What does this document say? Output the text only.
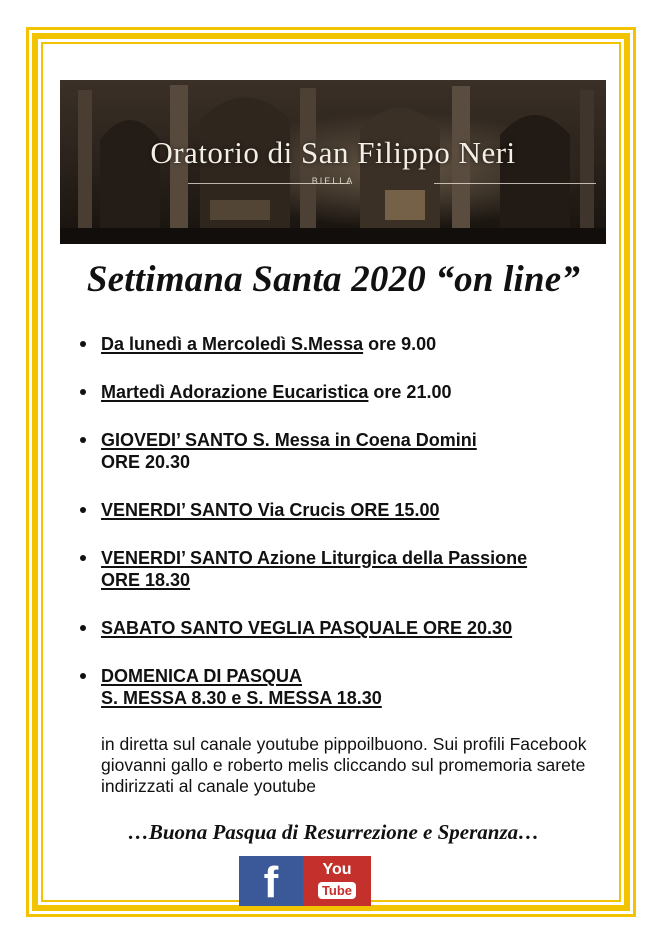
Oratorio di San Filippo Neri
BIELLA
Settimana Santa 2020 “on line”
Da lunedì a Mercoledì S.Messa ore 9.00
Martedì Adorazione Eucaristica ore 21.00
GIOVEDI’ SANTO S. Messa in Coena Domini
ORE 20.30
VENERDI’ SANTO Via Crucis ORE 15.00
VENERDI’ SANTO Azione Liturgica della Passione
ORE 18.30
SABATO SANTO VEGLIA PASQUALE ORE 20.30
DOMENICA DI PASQUA
S. MESSA 8.30 e S. MESSA 18.30
in diretta sul canale youtube pippoilbuono. Sui profili Facebook giovanni gallo e roberto melis cliccando sul promemoria sarete indirizzati al canale youtube
…Buona Pasqua di Resurrezione e Speranza…
f	You
Tube
